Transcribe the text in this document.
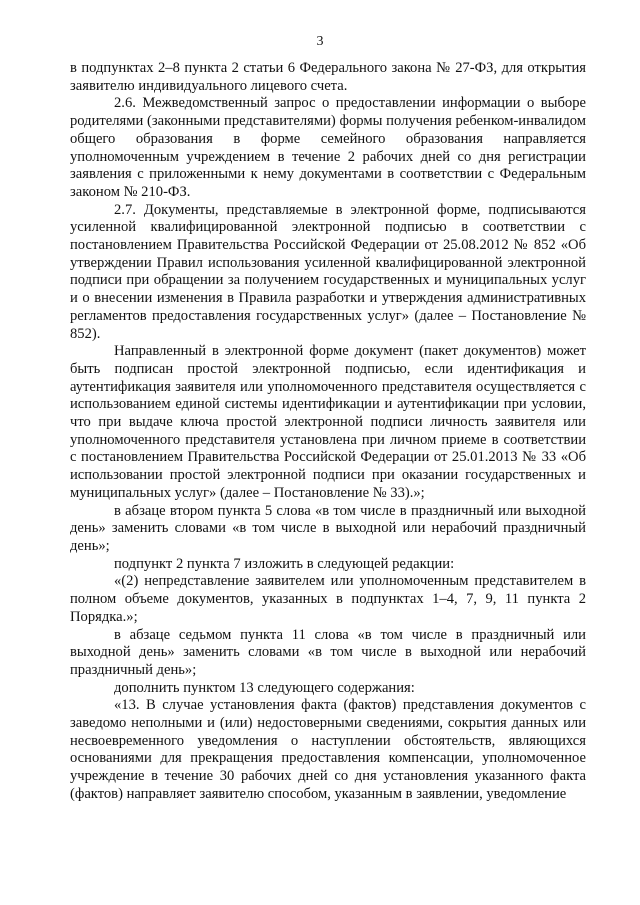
3

в подпунктах 2–8 пункта 2 статьи 6 Федерального закона № 27-ФЗ, для открытия заявителю индивидуального лицевого счета.

2.6. Межведомственный запрос о предоставлении информации о выборе родителями (законными представителями) формы получения ребенком-инвалидом общего образования в форме семейного образования направляется уполномоченным учреждением в течение 2 рабочих дней со дня регистрации заявления с приложенными к нему документами в соответствии с Федеральным законом № 210-ФЗ.

2.7. Документы, представляемые в электронной форме, подписываются усиленной квалифицированной электронной подписью в соответствии с постановлением Правительства Российской Федерации от 25.08.2012 № 852 «Об утверждении Правил использования усиленной квалифицированной электронной подписи при обращении за получением государственных и муниципальных услуг и о внесении изменения в Правила разработки и утверждения административных регламентов предоставления государственных услуг» (далее – Постановление № 852).

Направленный в электронной форме документ (пакет документов) может быть подписан простой электронной подписью, если идентификация и аутентификация заявителя или уполномоченного представителя осуществляется с использованием единой системы идентификации и аутентификации при условии, что при выдаче ключа простой электронной подписи личность заявителя или уполномоченного представителя установлена при личном приеме в соответствии с постановлением Правительства Российской Федерации от 25.01.2013 № 33 «Об использовании простой электронной подписи при оказании государственных и муниципальных услуг» (далее – Постановление № 33).»;

в абзаце втором пункта 5 слова «в том числе в праздничный или выходной день» заменить словами «в том числе в выходной или нерабочий праздничный день»;

подпункт 2 пункта 7 изложить в следующей редакции:

«(2) непредставление заявителем или уполномоченным представителем в полном объеме документов, указанных в подпунктах 1–4, 7, 9, 11 пункта 2 Порядка.»;

в абзаце седьмом пункта 11 слова «в том числе в праздничный или выходной день» заменить словами «в том числе в выходной или нерабочий праздничный день»;

дополнить пунктом 13 следующего содержания:

«13. В случае установления факта (фактов) представления документов с заведомо неполными и (или) недостоверными сведениями, сокрытия данных или несвоевременного уведомления о наступлении обстоятельств, являющихся основаниями для прекращения предоставления компенсации, уполномоченное учреждение в течение 30 рабочих дней со дня установления указанного факта (фактов) направляет заявителю способом, указанным в заявлении, уведомление
